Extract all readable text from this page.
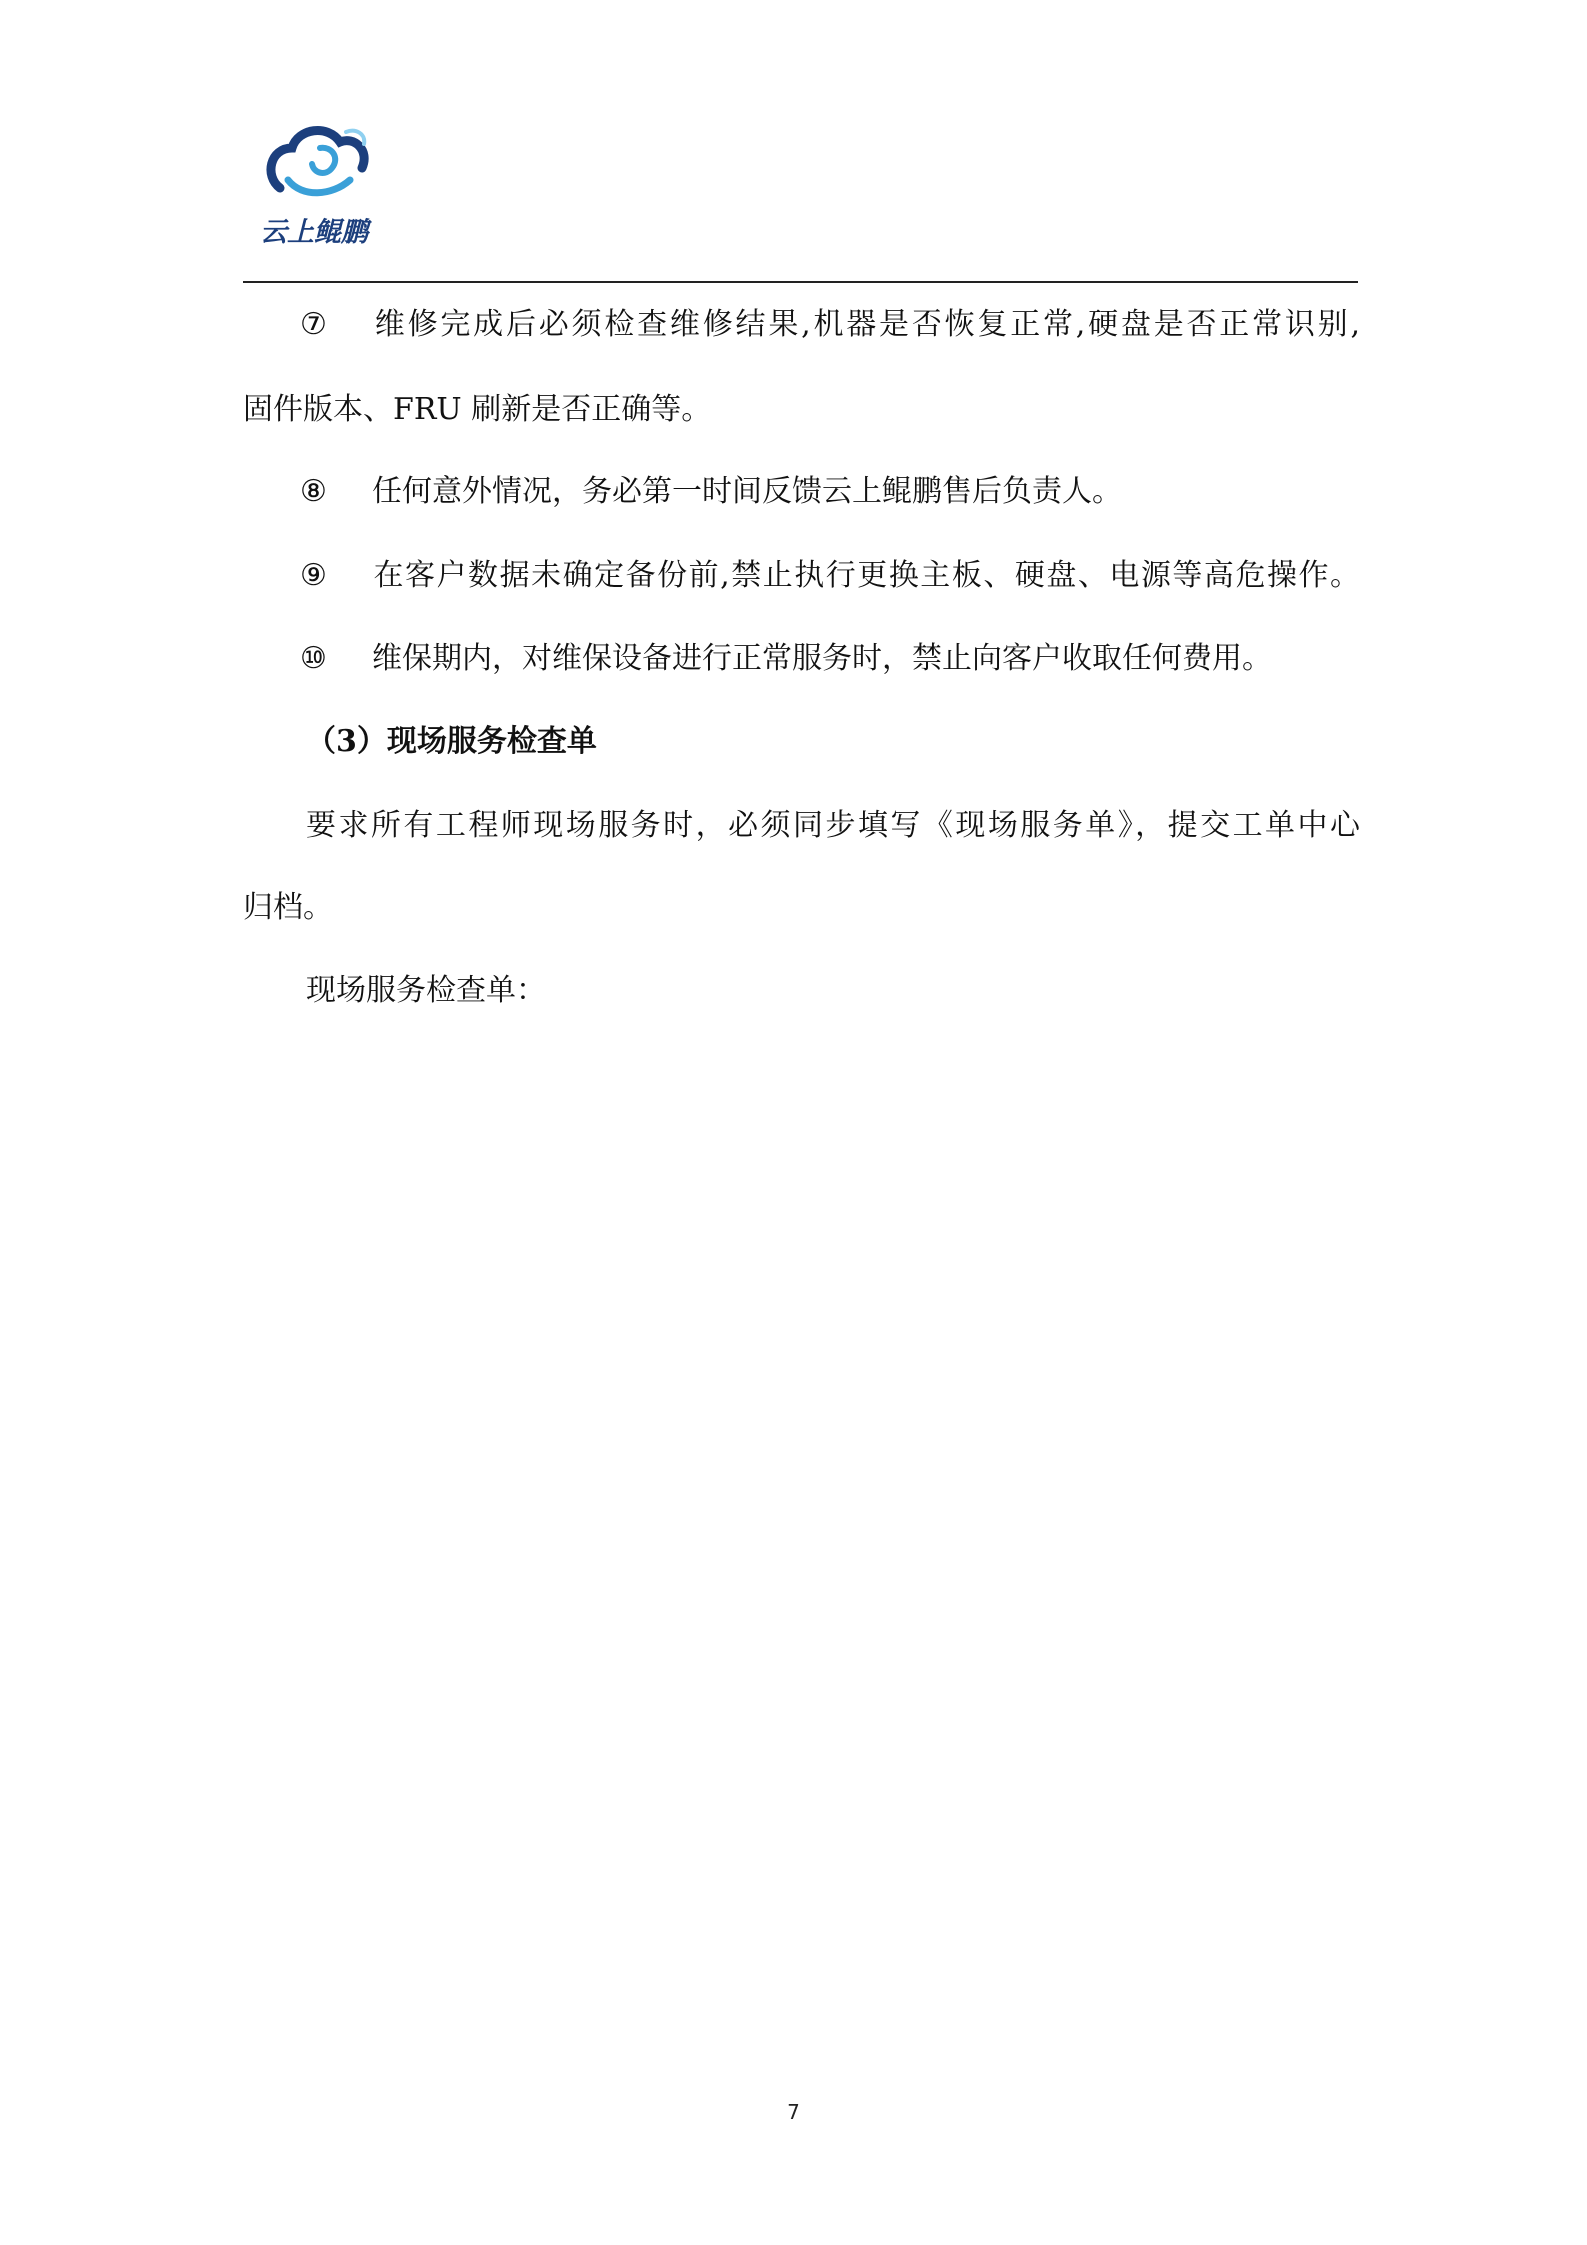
云上鲲鹏
⑦ 维修完成后必须检查维修结果,机器是否恢复正常,硬盘是否正常识别,
固件版本、FRU 刷新是否正确等。
⑧ 任何意外情况，务必第一时间反馈云上鲲鹏售后负责人。
⑨ 在客户数据未确定备份前,禁止执行更换主板、硬盘、电源等高危操作。
⑩ 维保期内，对维保设备进行正常服务时，禁止向客户收取任何费用。
（3）现场服务检查单
要求所有工程师现场服务时，必须同步填写《现场服务单》，提交工单中心
归档。
现场服务检查单：
7
